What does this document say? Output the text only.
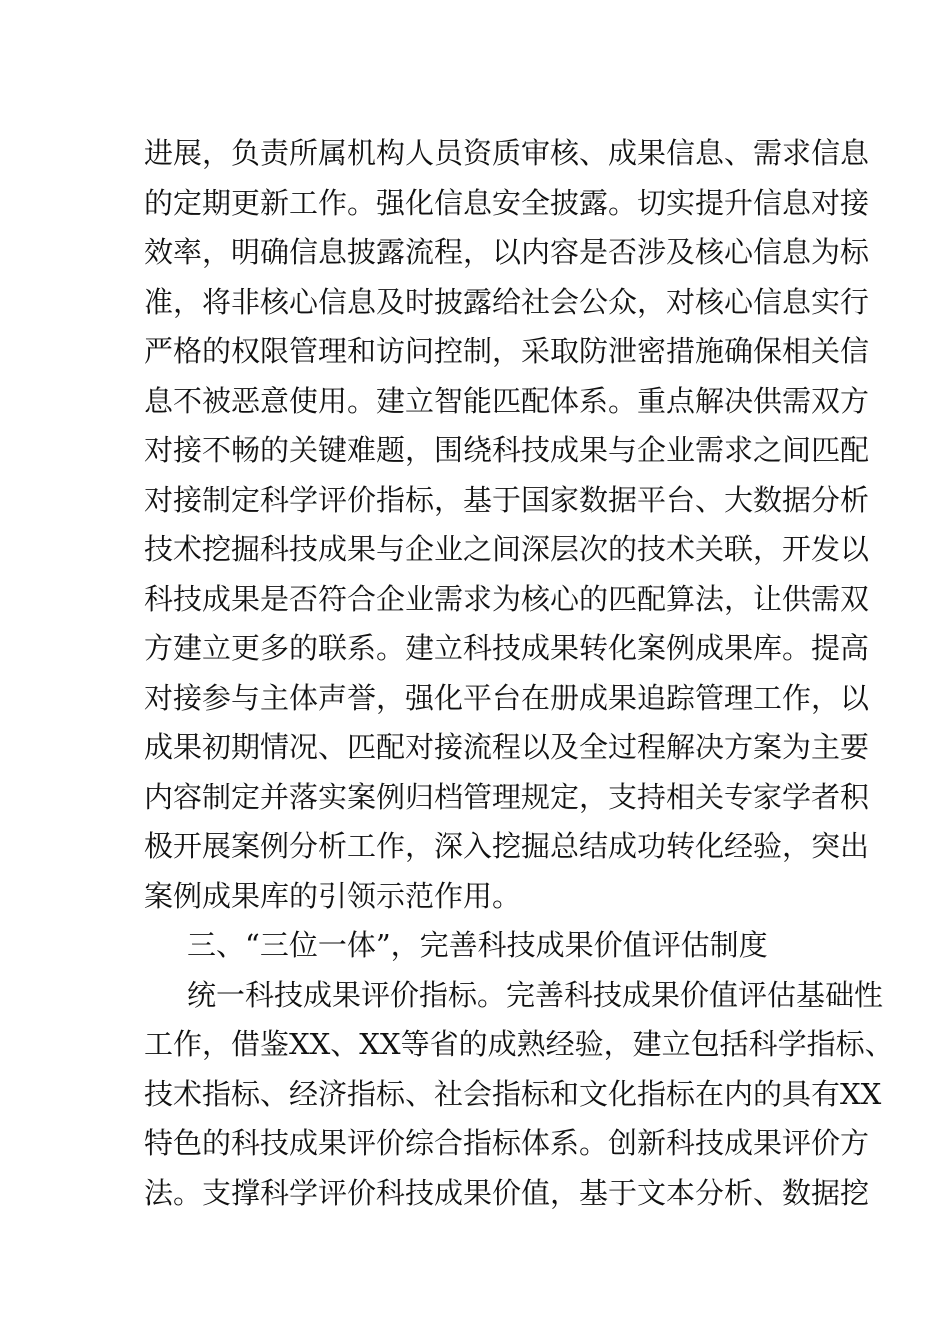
进展，负责所属机构人员资质审核、成果信息、需求信息
的定期更新工作。强化信息安全披露。切实提升信息对接
效率，明确信息披露流程，以内容是否涉及核心信息为标
准，将非核心信息及时披露给社会公众，对核心信息实行
严格的权限管理和访问控制，采取防泄密措施确保相关信
息不被恶意使用。建立智能匹配体系。重点解决供需双方
对接不畅的关键难题，围绕科技成果与企业需求之间匹配
对接制定科学评价指标，基于国家数据平台、大数据分析
技术挖掘科技成果与企业之间深层次的技术关联，开发以
科技成果是否符合企业需求为核心的匹配算法，让供需双
方建立更多的联系。建立科技成果转化案例成果库。提高
对接参与主体声誉，强化平台在册成果追踪管理工作，以
成果初期情况、匹配对接流程以及全过程解决方案为主要
内容制定并落实案例归档管理规定，支持相关专家学者积
极开展案例分析工作，深入挖掘总结成功转化经验，突出
案例成果库的引领示范作用。
三、“三位一体”，完善科技成果价值评估制度
统一科技成果评价指标。完善科技成果价值评估基础性
工作，借鉴XX、XX等省的成熟经验，建立包括科学指标、
技术指标、经济指标、社会指标和文化指标在内的具有XX
特色的科技成果评价综合指标体系。创新科技成果评价方
法。支撑科学评价科技成果价值，基于文本分析、数据挖
